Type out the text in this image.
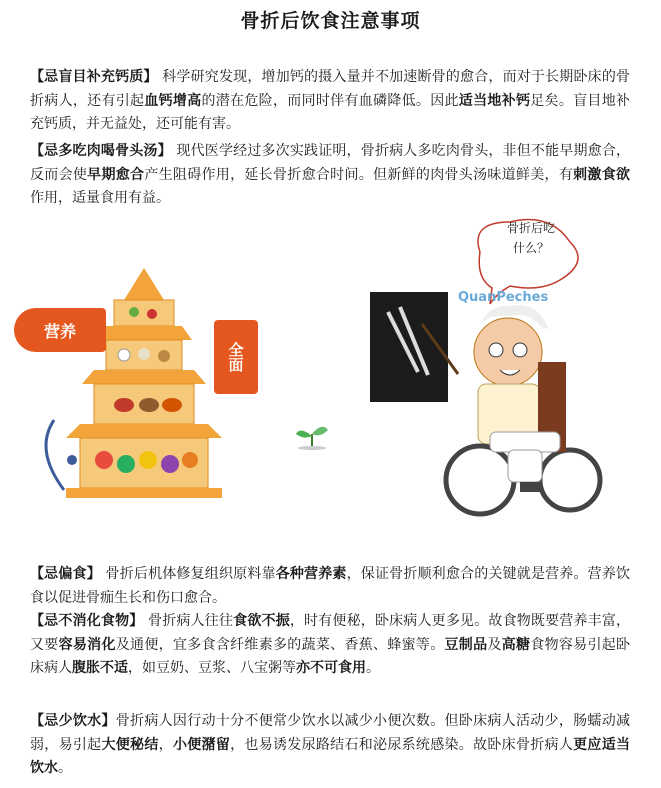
骨折后饮食注意事项
【忌盲目补充钙质】 科学研究发现，增加钙的摄入量并不加速断骨的愈合，而对于长期卧床的骨折病人，还有引起血钙增高的潜在危险，而同时伴有血磷降低。因此适当地补钙足矣。盲目地补充钙质，并无益处，还可能有害。
【忌多吃肉喝骨头汤】 现代医学经过多次实践证明，骨折病人多吃肉骨头，非但不能早期愈合，反而会使早期愈合产生阻碍作用，延长骨折愈合时间。但新鲜的肉骨头汤味道鲜美，有刺激食欲作用，适量食用有益。
营养
全面
骨折后吃
什么？
QuanPeches
【忌偏食】 骨折后机体修复组织原料靠各种营养素，保证骨折顺利愈合的关键就是营养。营养饮食以促进骨痂生长和伤口愈合。
【忌不消化食物】 骨折病人往往食欲不振，时有便秘，卧床病人更多见。故食物既要营养丰富，又要容易消化及通便，宜多食含纤维素多的蔬菜、香蕉、蜂蜜等。豆制品及高糖食物容易引起卧床病人腹胀不适，如豆奶、豆浆、八宝粥等亦不可食用。
【忌少饮水】骨折病人因行动十分不便常少饮水以减少小便次数。但卧床病人活动少，肠蠕动减弱，易引起大便秘结，小便潴留，也易诱发尿路结石和泌尿系统感染。故卧床骨折病人更应适当饮水。
